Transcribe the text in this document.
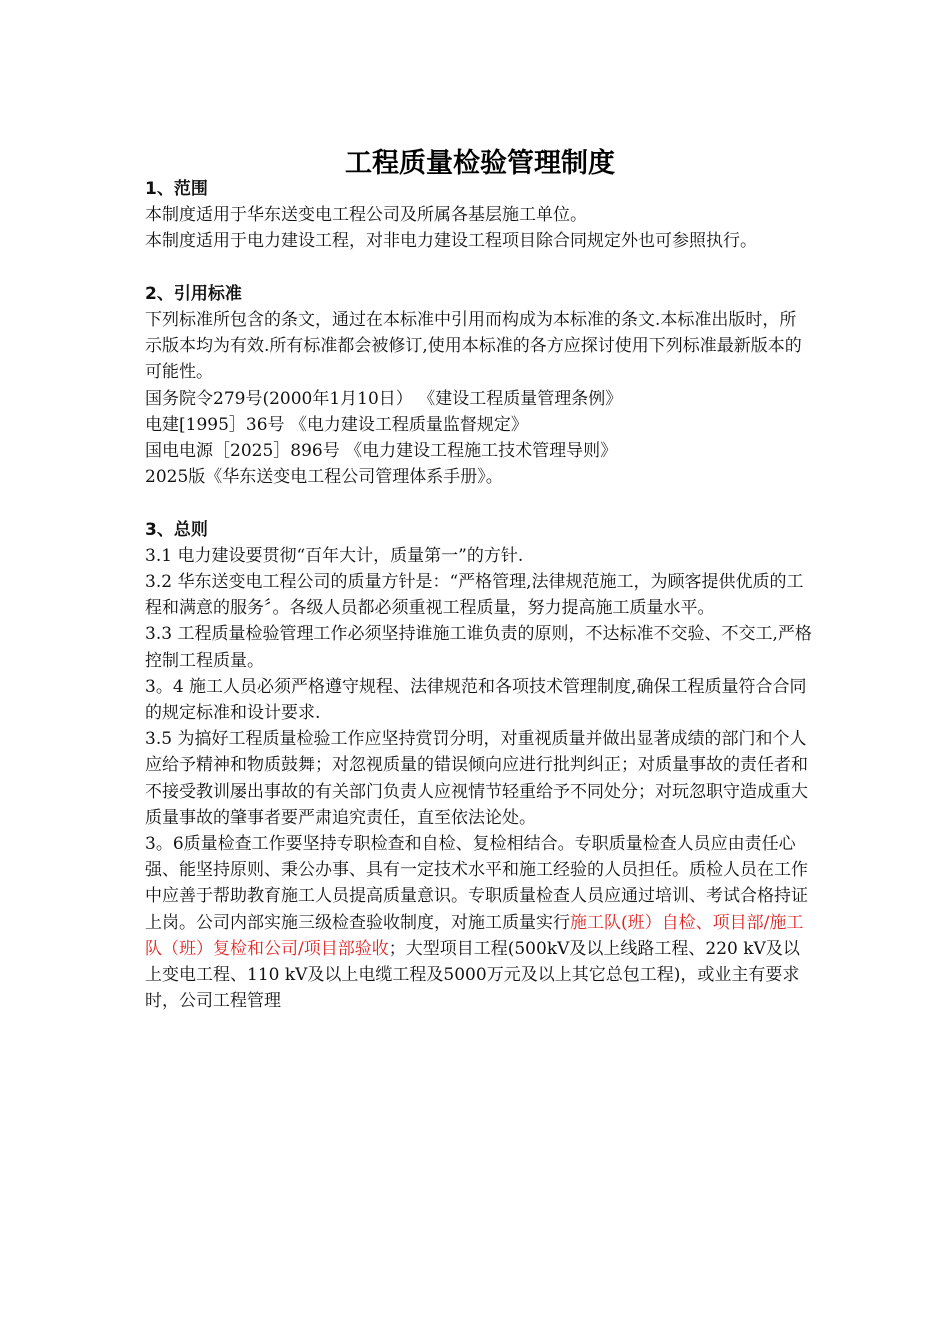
工程质量检验管理制度

1、范围

本制度适用于华东送变电工程公司及所属各基层施工单位。

本制度适用于电力建设工程，对非电力建设工程项目除合同规定外也可参照执行。

2、引用标准

下列标准所包含的条文，通过在本标准中引用而构成为本标准的条文.本标准出版时，所示版本均为有效.所有标准都会被修订,使用本标准的各方应探讨使用下列标准最新版本的可能性。

国务院令279号(2000年1月10日） 《建设工程质量管理条例》

电建[1995］36号 《电力建设工程质量监督规定》

国电电源［2025］896号 《电力建设工程施工技术管理导则》

2025版《华东送变电工程公司管理体系手册》。

3、总则

3.1 电力建设要贯彻“百年大计，质量第一”的方针.

3.2 华东送变电工程公司的质量方针是：“严格管理,法律规范施工，为顾客提供优质的工程和满意的服务〞。各级人员都必须重视工程质量，努力提高施工质量水平。

3.3 工程质量检验管理工作必须坚持谁施工谁负责的原则，不达标准不交验、不交工,严格控制工程质量。

3。4 施工人员必须严格遵守规程、法律规范和各项技术管理制度,确保工程质量符合合同的规定标准和设计要求.

3.5 为搞好工程质量检验工作应坚持赏罚分明，对重视质量并做出显著成绩的部门和个人应给予精神和物质鼓舞；对忽视质量的错误倾向应进行批判纠正；对质量事故的责任者和不接受教训屡出事故的有关部门负责人应视情节轻重给予不同处分；对玩忽职守造成重大质量事故的肇事者要严肃追究责任，直至依法论处。

3。6质量检查工作要坚持专职检查和自检、复检相结合。专职质量检查人员应由责任心强、能坚持原则、秉公办事、具有一定技术水平和施工经验的人员担任。质检人员在工作中应善于帮助教育施工人员提高质量意识。专职质量检查人员应通过培训、考试合格持证上岗。公司内部实施三级检查验收制度，对施工质量实行施工队(班）自检、项目部/施工队（班）复检和公司/项目部验收；大型项目工程(500kV及以上线路工程、220 kV及以上变电工程、110 kV及以上电缆工程及5000万元及以上其它总包工程)，或业主有要求时，公司工程管理
